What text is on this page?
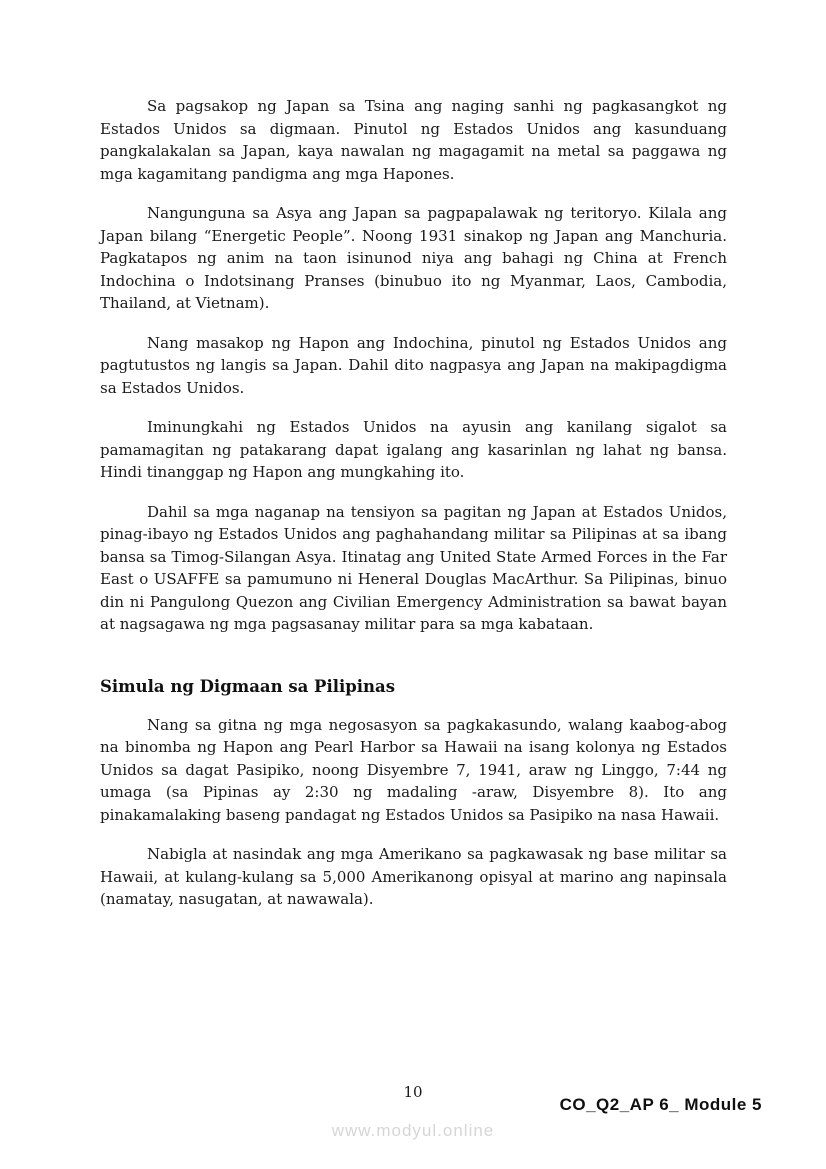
Sa pagsakop ng Japan sa Tsina ang naging sanhi ng pagkasangkot ng Estados Unidos sa digmaan. Pinutol ng Estados Unidos ang kasunduang pangkalakalan sa Japan, kaya nawalan ng magagamit na metal sa paggawa ng mga kagamitang pandigma ang mga Hapones.

Nangunguna sa Asya ang Japan sa pagpapalawak ng teritoryo. Kilala ang Japan bilang “Energetic People”. Noong 1931 sinakop ng Japan ang Manchuria. Pagkatapos ng anim na taon isinunod niya ang bahagi ng China at French Indochina o Indotsinang Pranses (binubuo ito ng Myanmar, Laos, Cambodia, Thailand, at Vietnam).

Nang masakop ng Hapon ang Indochina, pinutol ng Estados Unidos ang pagtutustos ng langis sa Japan. Dahil dito nagpasya ang Japan na makipagdigma sa Estados Unidos.

Iminungkahi ng Estados Unidos na ayusin ang kanilang sigalot sa pamamagitan ng patakarang dapat igalang ang kasarinlan ng lahat ng bansa. Hindi tinanggap ng Hapon ang mungkahing ito.

Dahil sa mga naganap na tensiyon sa pagitan ng Japan at Estados Unidos, pinag-ibayo ng Estados Unidos ang paghahandang militar sa Pilipinas at sa ibang bansa sa Timog-Silangan Asya. Itinatag ang United State Armed Forces in the Far East o USAFFE sa pamumuno ni Heneral Douglas MacArthur. Sa Pilipinas, binuo din ni Pangulong Quezon ang Civilian Emergency Administration sa bawat bayan at nagsagawa ng mga pagsasanay militar para sa mga kabataan.

Simula ng Digmaan sa Pilipinas

Nang sa gitna ng mga negosasyon sa pagkakasundo, walang kaabog-abog na binomba ng Hapon ang Pearl Harbor sa Hawaii na isang kolonya ng Estados Unidos sa dagat Pasipiko, noong Disyembre 7, 1941, araw ng Linggo, 7:44 ng umaga (sa Pipinas ay 2:30 ng madaling -araw, Disyembre 8). Ito ang pinakamalaking baseng pandagat ng Estados Unidos sa Pasipiko na nasa Hawaii.

Nabigla at nasindak ang mga Amerikano sa pagkawasak ng base militar sa Hawaii, at kulang-kulang sa 5,000 Amerikanong opisyal at marino ang napinsala (namatay, nasugatan, at nawawala).

10
CO_Q2_AP 6_ Module 5
www.modyul.online
